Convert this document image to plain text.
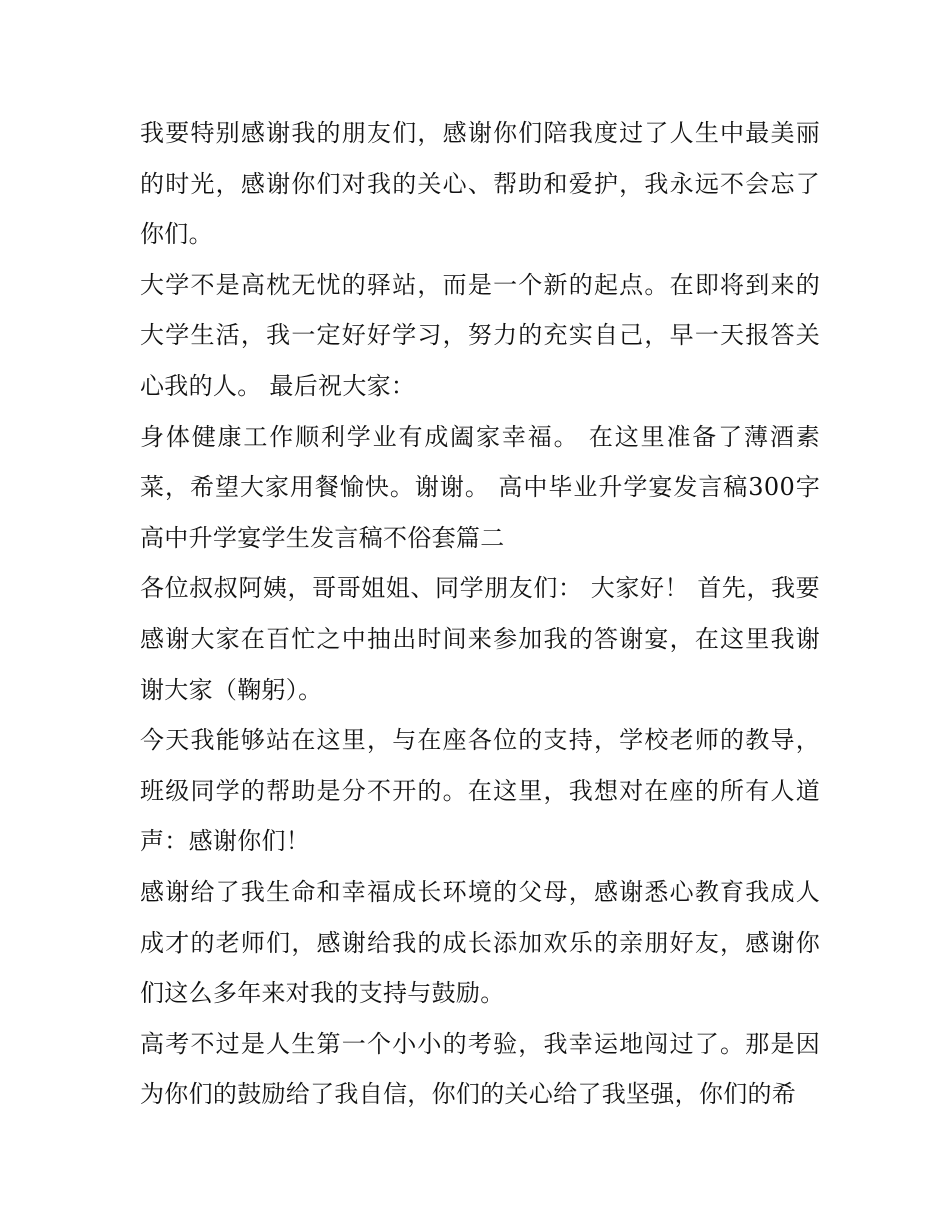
我要特别感谢我的朋友们，感谢你们陪我度过了人生中最美丽的时光，感谢你们对我的关心、帮助和爱护，我永远不会忘了你们。

大学不是高枕无忧的驿站，而是一个新的起点。在即将到来的大学生活，我一定好好学习，努力的充实自己，早一天报答关心我的人。 最后祝大家：

身体健康工作顺利学业有成阖家幸福。 在这里准备了薄酒素菜，希望大家用餐愉快。谢谢。 高中毕业升学宴发言稿300字 高中升学宴学生发言稿不俗套篇二

各位叔叔阿姨，哥哥姐姐、同学朋友们： 大家好！ 首先，我要感谢大家在百忙之中抽出时间来参加我的答谢宴，在这里我谢谢大家（鞠躬）。

今天我能够站在这里，与在座各位的支持，学校老师的教导，班级同学的帮助是分不开的。在这里，我想对在座的所有人道声：感谢你们！

感谢给了我生命和幸福成长环境的父母，感谢悉心教育我成人成才的老师们，感谢给我的成长添加欢乐的亲朋好友，感谢你们这么多年来对我的支持与鼓励。

高考不过是人生第一个小小的考验，我幸运地闯过了。那是因为你们的鼓励给了我自信，你们的关心给了我坚强，你们的希
